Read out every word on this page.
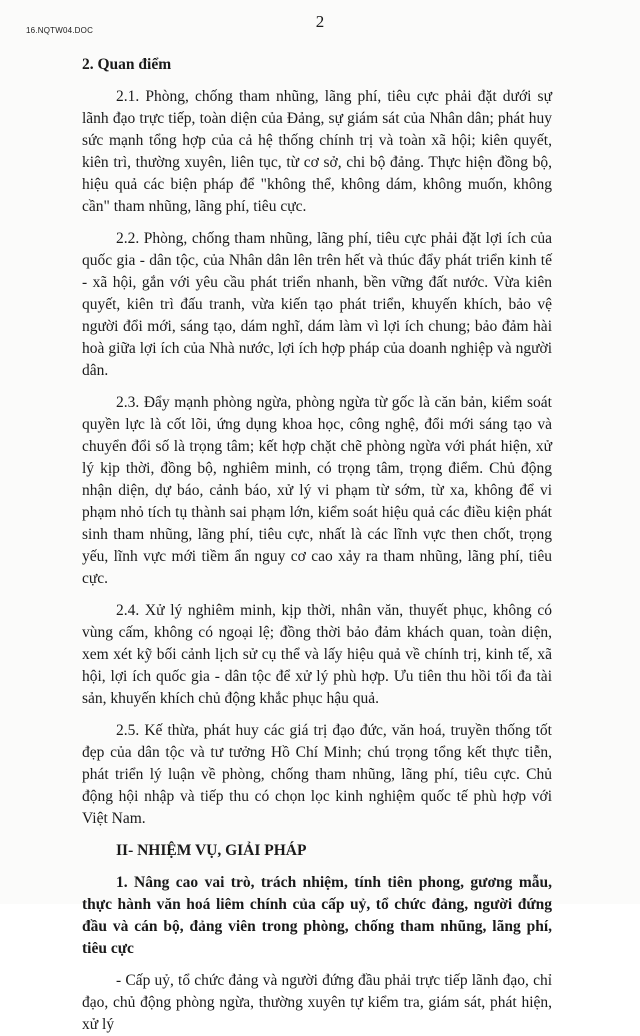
16.NQTW04.DOC	2

2. Quan điểm

2.1. Phòng, chống tham nhũng, lãng phí, tiêu cực phải đặt dưới sự lãnh đạo trực tiếp, toàn diện của Đảng, sự giám sát của Nhân dân; phát huy sức mạnh tổng hợp của cả hệ thống chính trị và toàn xã hội; kiên quyết, kiên trì, thường xuyên, liên tục, từ cơ sở, chi bộ đảng. Thực hiện đồng bộ, hiệu quả các biện pháp để "không thể, không dám, không muốn, không cần" tham nhũng, lãng phí, tiêu cực.

2.2. Phòng, chống tham nhũng, lãng phí, tiêu cực phải đặt lợi ích của quốc gia - dân tộc, của Nhân dân lên trên hết và thúc đẩy phát triển kinh tế - xã hội, gắn với yêu cầu phát triển nhanh, bền vững đất nước. Vừa kiên quyết, kiên trì đấu tranh, vừa kiến tạo phát triển, khuyến khích, bảo vệ người đổi mới, sáng tạo, dám nghĩ, dám làm vì lợi ích chung; bảo đảm hài hoà giữa lợi ích của Nhà nước, lợi ích hợp pháp của doanh nghiệp và người dân.

2.3. Đẩy mạnh phòng ngừa, phòng ngừa từ gốc là căn bản, kiểm soát quyền lực là cốt lõi, ứng dụng khoa học, công nghệ, đổi mới sáng tạo và chuyển đổi số là trọng tâm; kết hợp chặt chẽ phòng ngừa với phát hiện, xử lý kịp thời, đồng bộ, nghiêm minh, có trọng tâm, trọng điểm. Chủ động nhận diện, dự báo, cảnh báo, xử lý vi phạm từ sớm, từ xa, không để vi phạm nhỏ tích tụ thành sai phạm lớn, kiểm soát hiệu quả các điều kiện phát sinh tham nhũng, lãng phí, tiêu cực, nhất là các lĩnh vực then chốt, trọng yếu, lĩnh vực mới tiềm ẩn nguy cơ cao xảy ra tham nhũng, lãng phí, tiêu cực.

2.4. Xử lý nghiêm minh, kịp thời, nhân văn, thuyết phục, không có vùng cấm, không có ngoại lệ; đồng thời bảo đảm khách quan, toàn diện, xem xét kỹ bối cảnh lịch sử cụ thể và lấy hiệu quả về chính trị, kinh tế, xã hội, lợi ích quốc gia - dân tộc để xử lý phù hợp. Ưu tiên thu hồi tối đa tài sản, khuyến khích chủ động khắc phục hậu quả.

2.5. Kế thừa, phát huy các giá trị đạo đức, văn hoá, truyền thống tốt đẹp của dân tộc và tư tưởng Hồ Chí Minh; chú trọng tổng kết thực tiễn, phát triển lý luận về phòng, chống tham nhũng, lãng phí, tiêu cực. Chủ động hội nhập và tiếp thu có chọn lọc kinh nghiệm quốc tế phù hợp với Việt Nam.

II- NHIỆM VỤ, GIẢI PHÁP

1. Nâng cao vai trò, trách nhiệm, tính tiên phong, gương mẫu, thực hành văn hoá liêm chính của cấp uỷ, tổ chức đảng, người đứng đầu và cán bộ, đảng viên trong phòng, chống tham nhũng, lãng phí, tiêu cực

- Cấp uỷ, tổ chức đảng và người đứng đầu phải trực tiếp lãnh đạo, chỉ đạo, chủ động phòng ngừa, thường xuyên tự kiểm tra, giám sát, phát hiện, xử lý
